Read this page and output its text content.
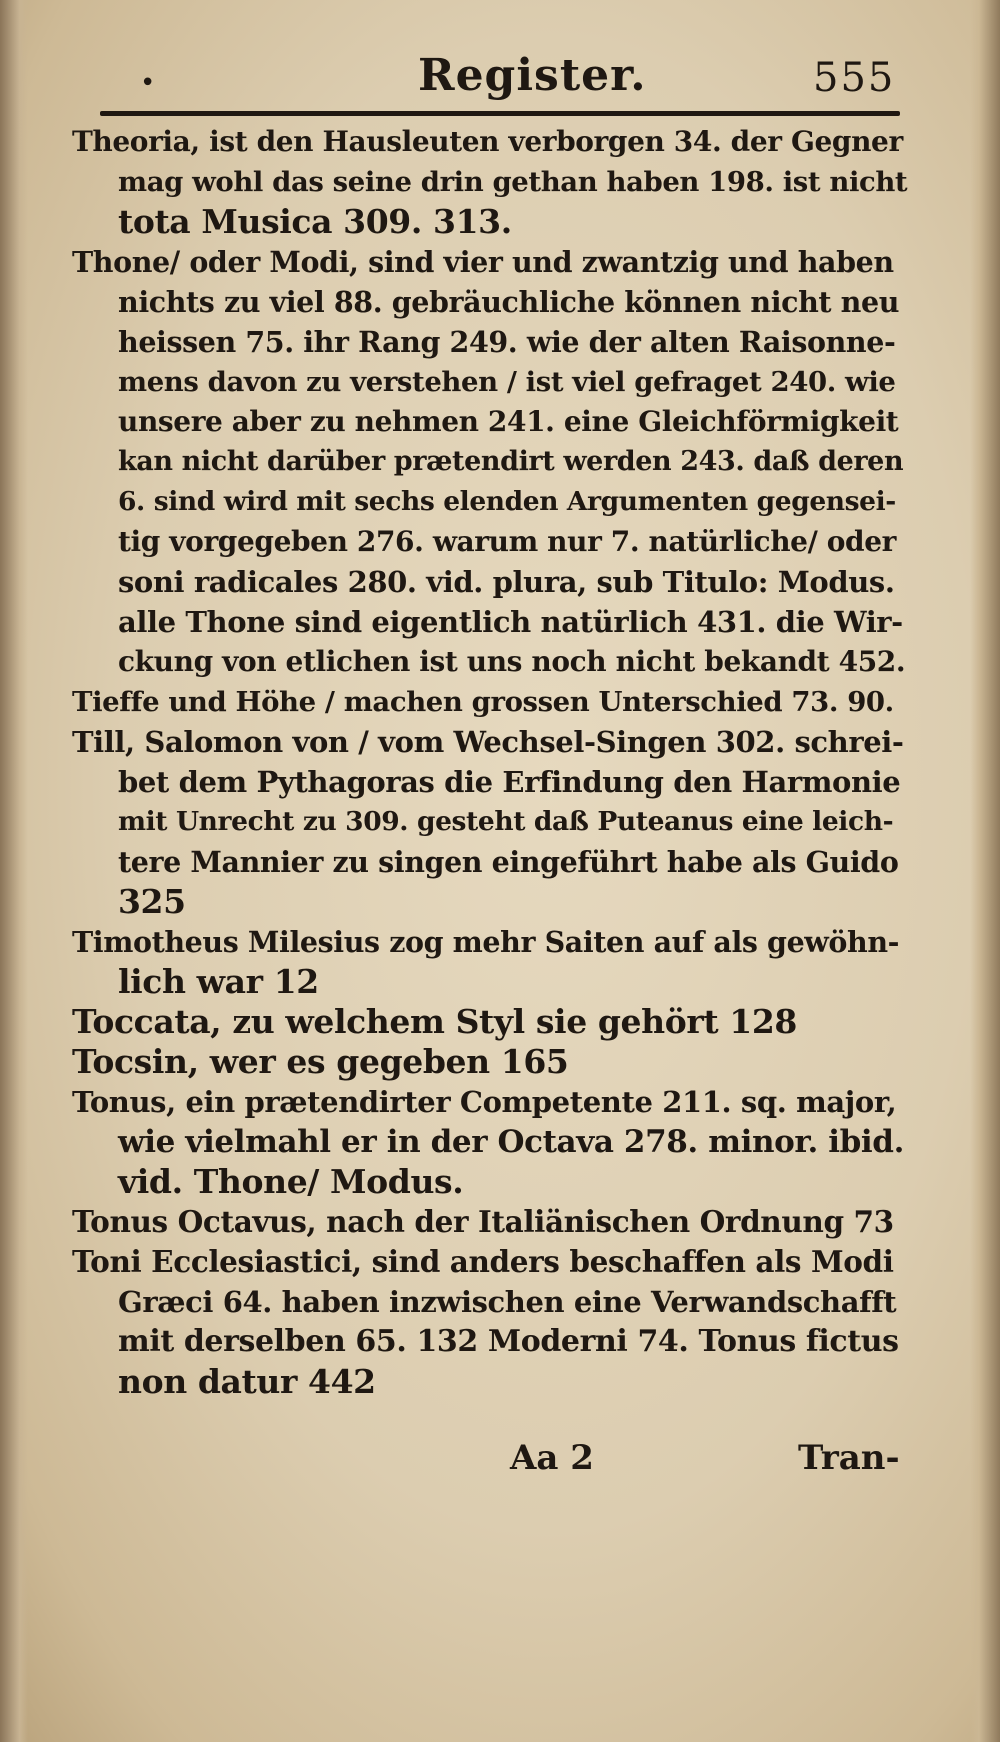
•	Register.	555
Theoria, ist den Hausleuten verborgen 34. der Gegner
mag wohl das seine drin gethan haben 198. ist nicht
tota Musica 309. 313.
Thone/ oder Modi, sind vier und zwantzig und haben
nichts zu viel 88. gebräuchliche können nicht neu
heissen 75. ihr Rang 249. wie der alten Raisonne-
mens davon zu verstehen / ist viel gefraget 240. wie
unsere aber zu nehmen 241. eine Gleichförmigkeit
kan nicht darüber prætendirt werden 243. daß deren
6. sind wird mit sechs elenden Argumenten gegensei-
tig vorgegeben 276. warum nur 7. natürliche/ oder
soni radicales 280. vid. plura, sub Titulo: Modus.
alle Thone sind eigentlich natürlich 431. die Wir-
ckung von etlichen ist uns noch nicht bekandt 452.
Tieffe und Höhe / machen grossen Unterschied 73. 90.
Till, Salomon von / vom Wechsel-Singen 302. schrei-
bet dem Pythagoras die Erfindung den Harmonie
mit Unrecht zu 309. gesteht daß Puteanus eine leich-
tere Mannier zu singen eingeführt habe als Guido
325
Timotheus Milesius zog mehr Saiten auf als gewöhn-
lich war 12
Toccata, zu welchem Styl sie gehört 128
Tocsin, wer es gegeben 165
Tonus, ein prætendirter Competente 211. sq. major,
wie vielmahl er in der Octava 278. minor. ibid.
vid. Thone/ Modus.
Tonus Octavus, nach der Italiänischen Ordnung 73
Toni Ecclesiastici, sind anders beschaffen als Modi
Græci 64. haben inzwischen eine Verwandschafft
mit derselben 65. 132 Moderni 74. Tonus fictus
non datur 442
Aa 2	Tran-
